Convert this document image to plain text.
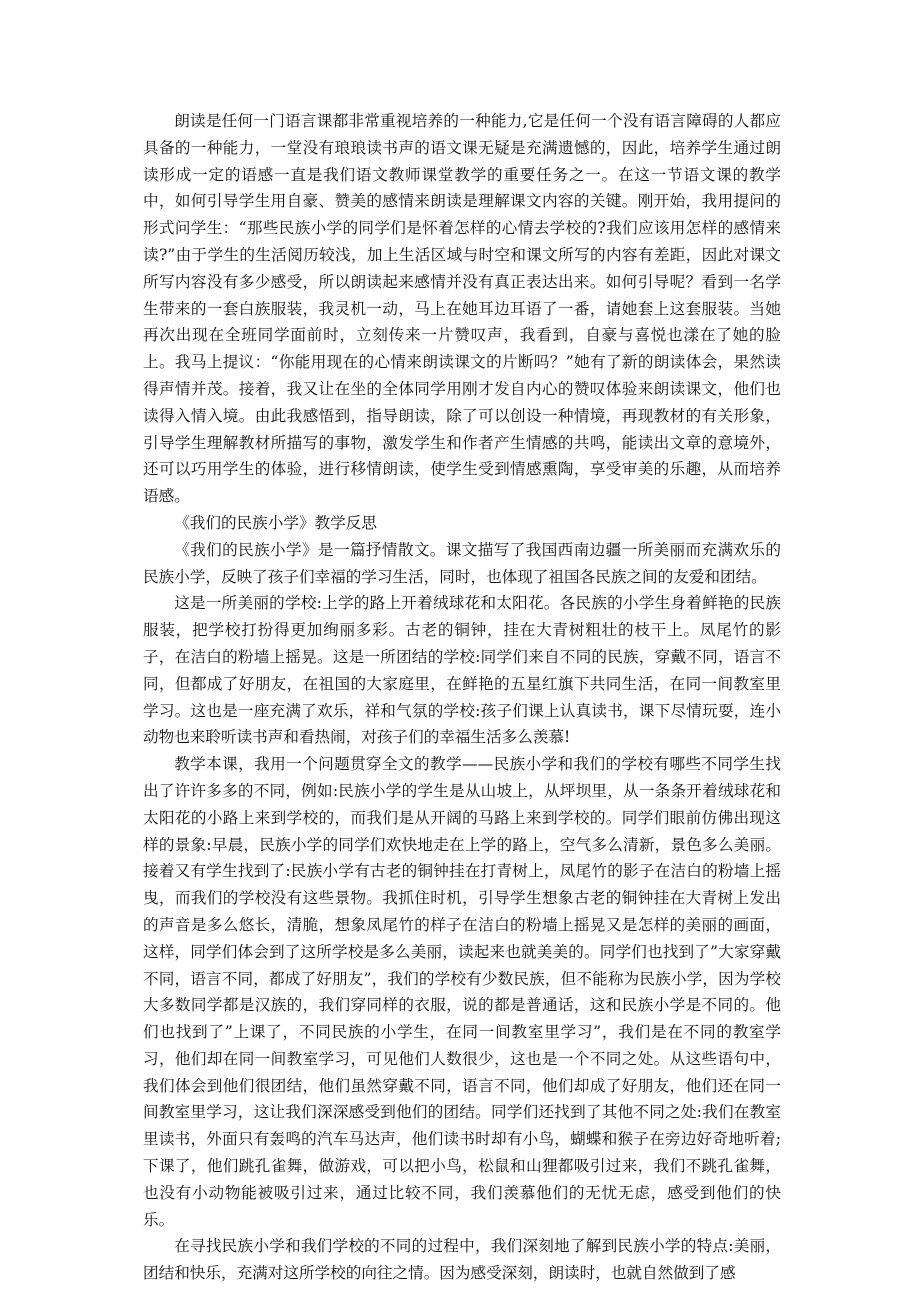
朗读是任何一门语言课都非常重视培养的一种能力,它是任何一个没有语言障碍的人都应具备的一种能力，一堂没有琅琅读书声的语文课无疑是充满遗憾的，因此，培养学生通过朗读形成一定的语感一直是我们语文教师课堂教学的重要任务之一。在这一节语文课的教学中，如何引导学生用自豪、赞美的感情来朗读是理解课文内容的关键。刚开始，我用提问的形式问学生：“那些民族小学的同学们是怀着怎样的心情去学校的?我们应该用怎样的感情来读?”由于学生的生活阅历较浅，加上生活区域与时空和课文所写的内容有差距，因此对课文所写内容没有多少感受，所以朗读起来感情并没有真正表达出来。如何引导呢？看到一名学生带来的一套白族服装，我灵机一动，马上在她耳边耳语了一番，请她套上这套服装。当她再次出现在全班同学面前时，立刻传来一片赞叹声，我看到，自豪与喜悦也漾在了她的脸上。我马上提议：“你能用现在的心情来朗读课文的片断吗？”她有了新的朗读体会，果然读得声情并茂。接着，我又让在坐的全体同学用刚才发自内心的赞叹体验来朗读课文，他们也读得入情入境。由此我感悟到，指导朗读，除了可以创设一种情境，再现教材的有关形象，引导学生理解教材所描写的事物，激发学生和作者产生情感的共鸣，能读出文章的意境外，还可以巧用学生的体验，进行移情朗读，使学生受到情感熏陶，享受审美的乐趣，从而培养语感。

《我们的民族小学》教学反思

《我们的民族小学》是一篇抒情散文。课文描写了我国西南边疆一所美丽而充满欢乐的民族小学，反映了孩子们幸福的学习生活，同时，也体现了祖国各民族之间的友爱和团结。

这是一所美丽的学校:上学的路上开着绒球花和太阳花。各民族的小学生身着鲜艳的民族服装，把学校打扮得更加绚丽多彩。古老的铜钟，挂在大青树粗壮的枝干上。凤尾竹的影子，在洁白的粉墙上摇晃。这是一所团结的学校:同学们来自不同的民族，穿戴不同，语言不同，但都成了好朋友，在祖国的大家庭里，在鲜艳的五星红旗下共同生活，在同一间教室里学习。这也是一座充满了欢乐，祥和气氛的学校:孩子们课上认真读书，课下尽情玩耍，连小动物也来聆听读书声和看热闹，对孩子们的幸福生活多么羡慕!

教学本课，我用一个问题贯穿全文的教学——民族小学和我们的学校有哪些不同学生找出了许许多多的不同，例如:民族小学的学生是从山坡上，从坪坝里，从一条条开着绒球花和太阳花的小路上来到学校的，而我们是从开阔的马路上来到学校的。同学们眼前仿佛出现这样的景象:早晨，民族小学的同学们欢快地走在上学的路上，空气多么清新，景色多么美丽。接着又有学生找到了:民族小学有古老的铜钟挂在打青树上，凤尾竹的影子在洁白的粉墙上摇曳，而我们的学校没有这些景物。我抓住时机，引导学生想象古老的铜钟挂在大青树上发出的声音是多么悠长，清脆，想象凤尾竹的样子在洁白的粉墙上摇晃又是怎样的美丽的画面，这样，同学们体会到了这所学校是多么美丽，读起来也就美美的。同学们也找到了”大家穿戴不同，语言不同，都成了好朋友”，我们的学校有少数民族，但不能称为民族小学，因为学校大多数同学都是汉族的，我们穿同样的衣服，说的都是普通话，这和民族小学是不同的。他们也找到了”上课了，不同民族的小学生，在同一间教室里学习”，我们是在不同的教室学习，他们却在同一间教室学习，可见他们人数很少，这也是一个不同之处。从这些语句中，我们体会到他们很团结，他们虽然穿戴不同，语言不同，他们却成了好朋友，他们还在同一间教室里学习，这让我们深深感受到他们的团结。同学们还找到了其他不同之处:我们在教室里读书，外面只有轰鸣的汽车马达声，他们读书时却有小鸟，蝴蝶和猴子在旁边好奇地听着;下课了，他们跳孔雀舞，做游戏，可以把小鸟，松鼠和山狸都吸引过来，我们不跳孔雀舞，也没有小动物能被吸引过来，通过比较不同，我们羡慕他们的无忧无虑，感受到他们的快乐。

在寻找民族小学和我们学校的不同的过程中，我们深刻地了解到民族小学的特点:美丽，团结和快乐，充满对这所学校的向往之情。因为感受深刻，朗读时，也就自然做到了感
